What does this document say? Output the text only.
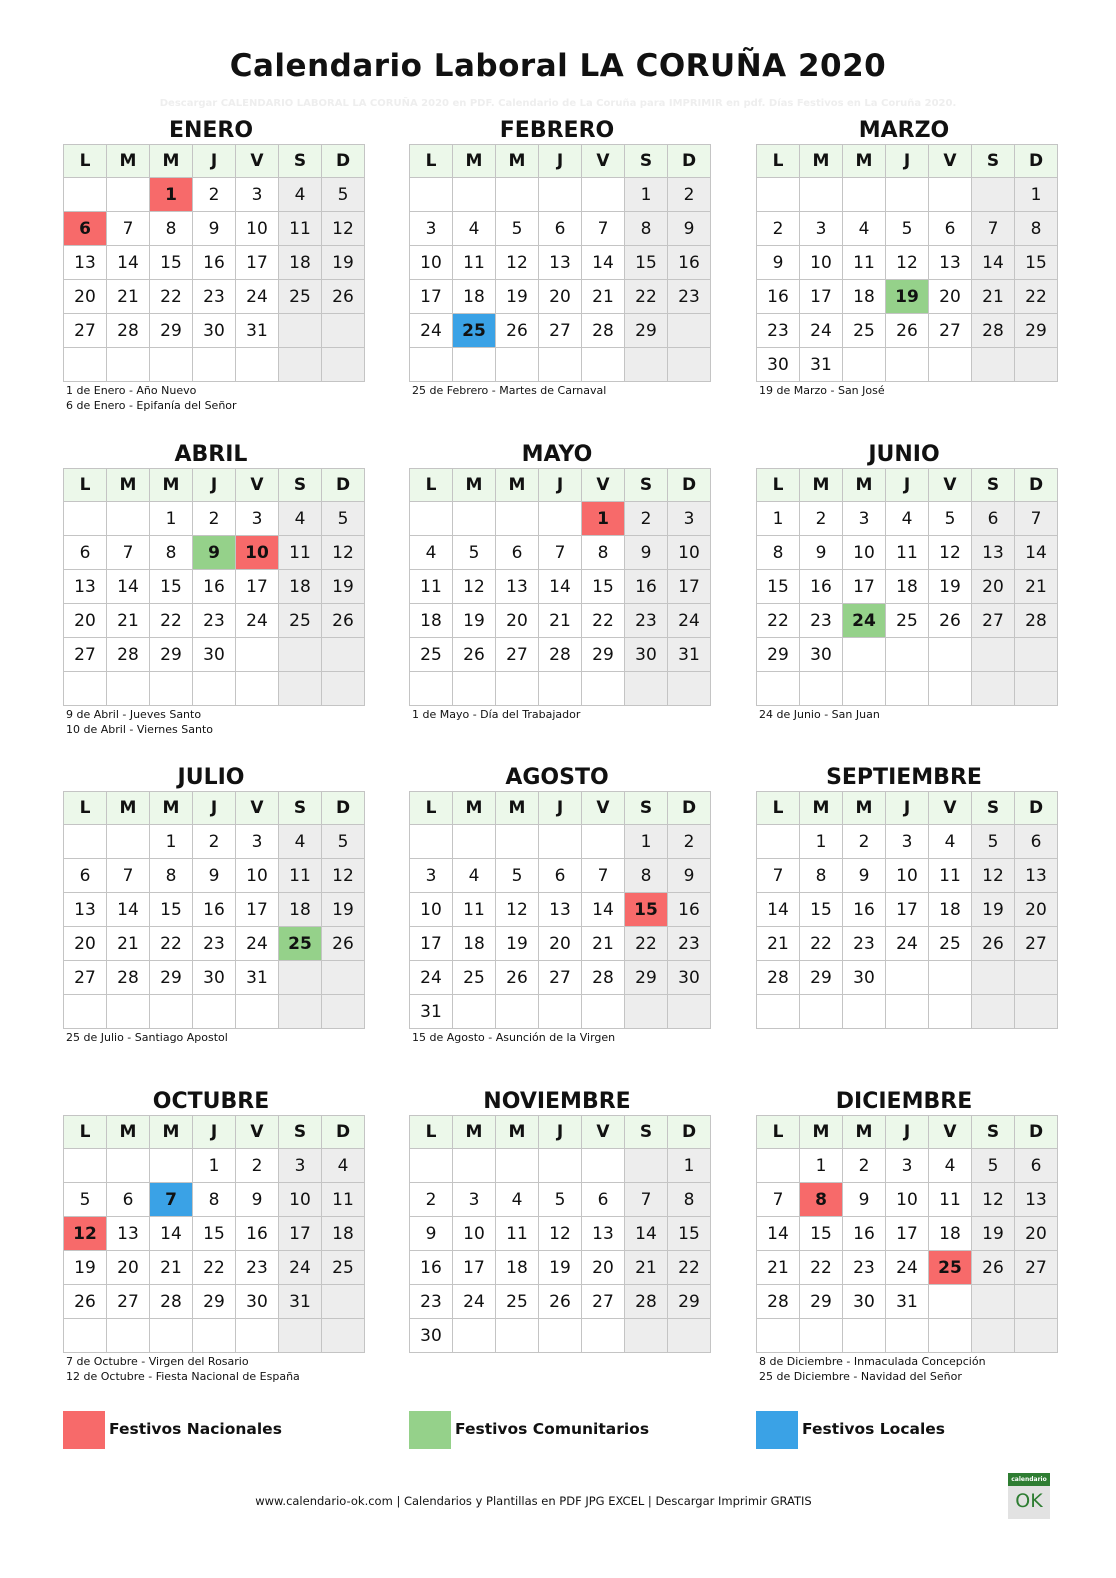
Calendario Laboral LA CORUÑA 2020
Descargar CALENDARIO LABORAL LA CORUÑA 2020 en PDF. Calendario de La Coruña para IMPRIMIR en pdf. Días Festivos en La Coruña 2020.
ENERO
L	M	M	J	V	S	D
		1	2	3	4	5
6	7	8	9	10	11	12
13	14	15	16	17	18	19
20	21	22	23	24	25	26
27	28	29	30	31		

1 de Enero - Año Nuevo
6 de Enero - Epifanía del Señor
FEBRERO
L	M	M	J	V	S	D
					1	2
3	4	5	6	7	8	9
10	11	12	13	14	15	16
17	18	19	20	21	22	23
24	25	26	27	28	29	

25 de Febrero - Martes de Carnaval
MARZO
L	M	M	J	V	S	D
						1
2	3	4	5	6	7	8
9	10	11	12	13	14	15
16	17	18	19	20	21	22
23	24	25	26	27	28	29
30	31					
19 de Marzo - San José
ABRIL
L	M	M	J	V	S	D
		1	2	3	4	5
6	7	8	9	10	11	12
13	14	15	16	17	18	19
20	21	22	23	24	25	26
27	28	29	30			

9 de Abril - Jueves Santo
10 de Abril - Viernes Santo
MAYO
L	M	M	J	V	S	D
				1	2	3
4	5	6	7	8	9	10
11	12	13	14	15	16	17
18	19	20	21	22	23	24
25	26	27	28	29	30	31

1 de Mayo - Día del Trabajador
JUNIO
L	M	M	J	V	S	D
1	2	3	4	5	6	7
8	9	10	11	12	13	14
15	16	17	18	19	20	21
22	23	24	25	26	27	28
29	30					

24 de Junio - San Juan
JULIO
L	M	M	J	V	S	D
		1	2	3	4	5
6	7	8	9	10	11	12
13	14	15	16	17	18	19
20	21	22	23	24	25	26
27	28	29	30	31		

25 de Julio - Santiago Apostol
AGOSTO
L	M	M	J	V	S	D
					1	2
3	4	5	6	7	8	9
10	11	12	13	14	15	16
17	18	19	20	21	22	23
24	25	26	27	28	29	30
31						
15 de Agosto - Asunción de la Virgen
SEPTIEMBRE
L	M	M	J	V	S	D
	1	2	3	4	5	6
7	8	9	10	11	12	13
14	15	16	17	18	19	20
21	22	23	24	25	26	27
28	29	30				

OCTUBRE
L	M	M	J	V	S	D
			1	2	3	4
5	6	7	8	9	10	11
12	13	14	15	16	17	18
19	20	21	22	23	24	25
26	27	28	29	30	31	

7 de Octubre - Virgen del Rosario
12 de Octubre - Fiesta Nacional de España
NOVIEMBRE
L	M	M	J	V	S	D
						1
2	3	4	5	6	7	8
9	10	11	12	13	14	15
16	17	18	19	20	21	22
23	24	25	26	27	28	29
30						
DICIEMBRE
L	M	M	J	V	S	D
	1	2	3	4	5	6
7	8	9	10	11	12	13
14	15	16	17	18	19	20
21	22	23	24	25	26	27
28	29	30	31			

8 de Diciembre - Inmaculada Concepción
25 de Diciembre - Navidad del Señor
Festivos Nacionales	Festivos Comunitarios	Festivos Locales
www.calendario-ok.com | Calendarios y Plantillas en PDF JPG EXCEL | Descargar Imprimir GRATIS
calendario
OK
